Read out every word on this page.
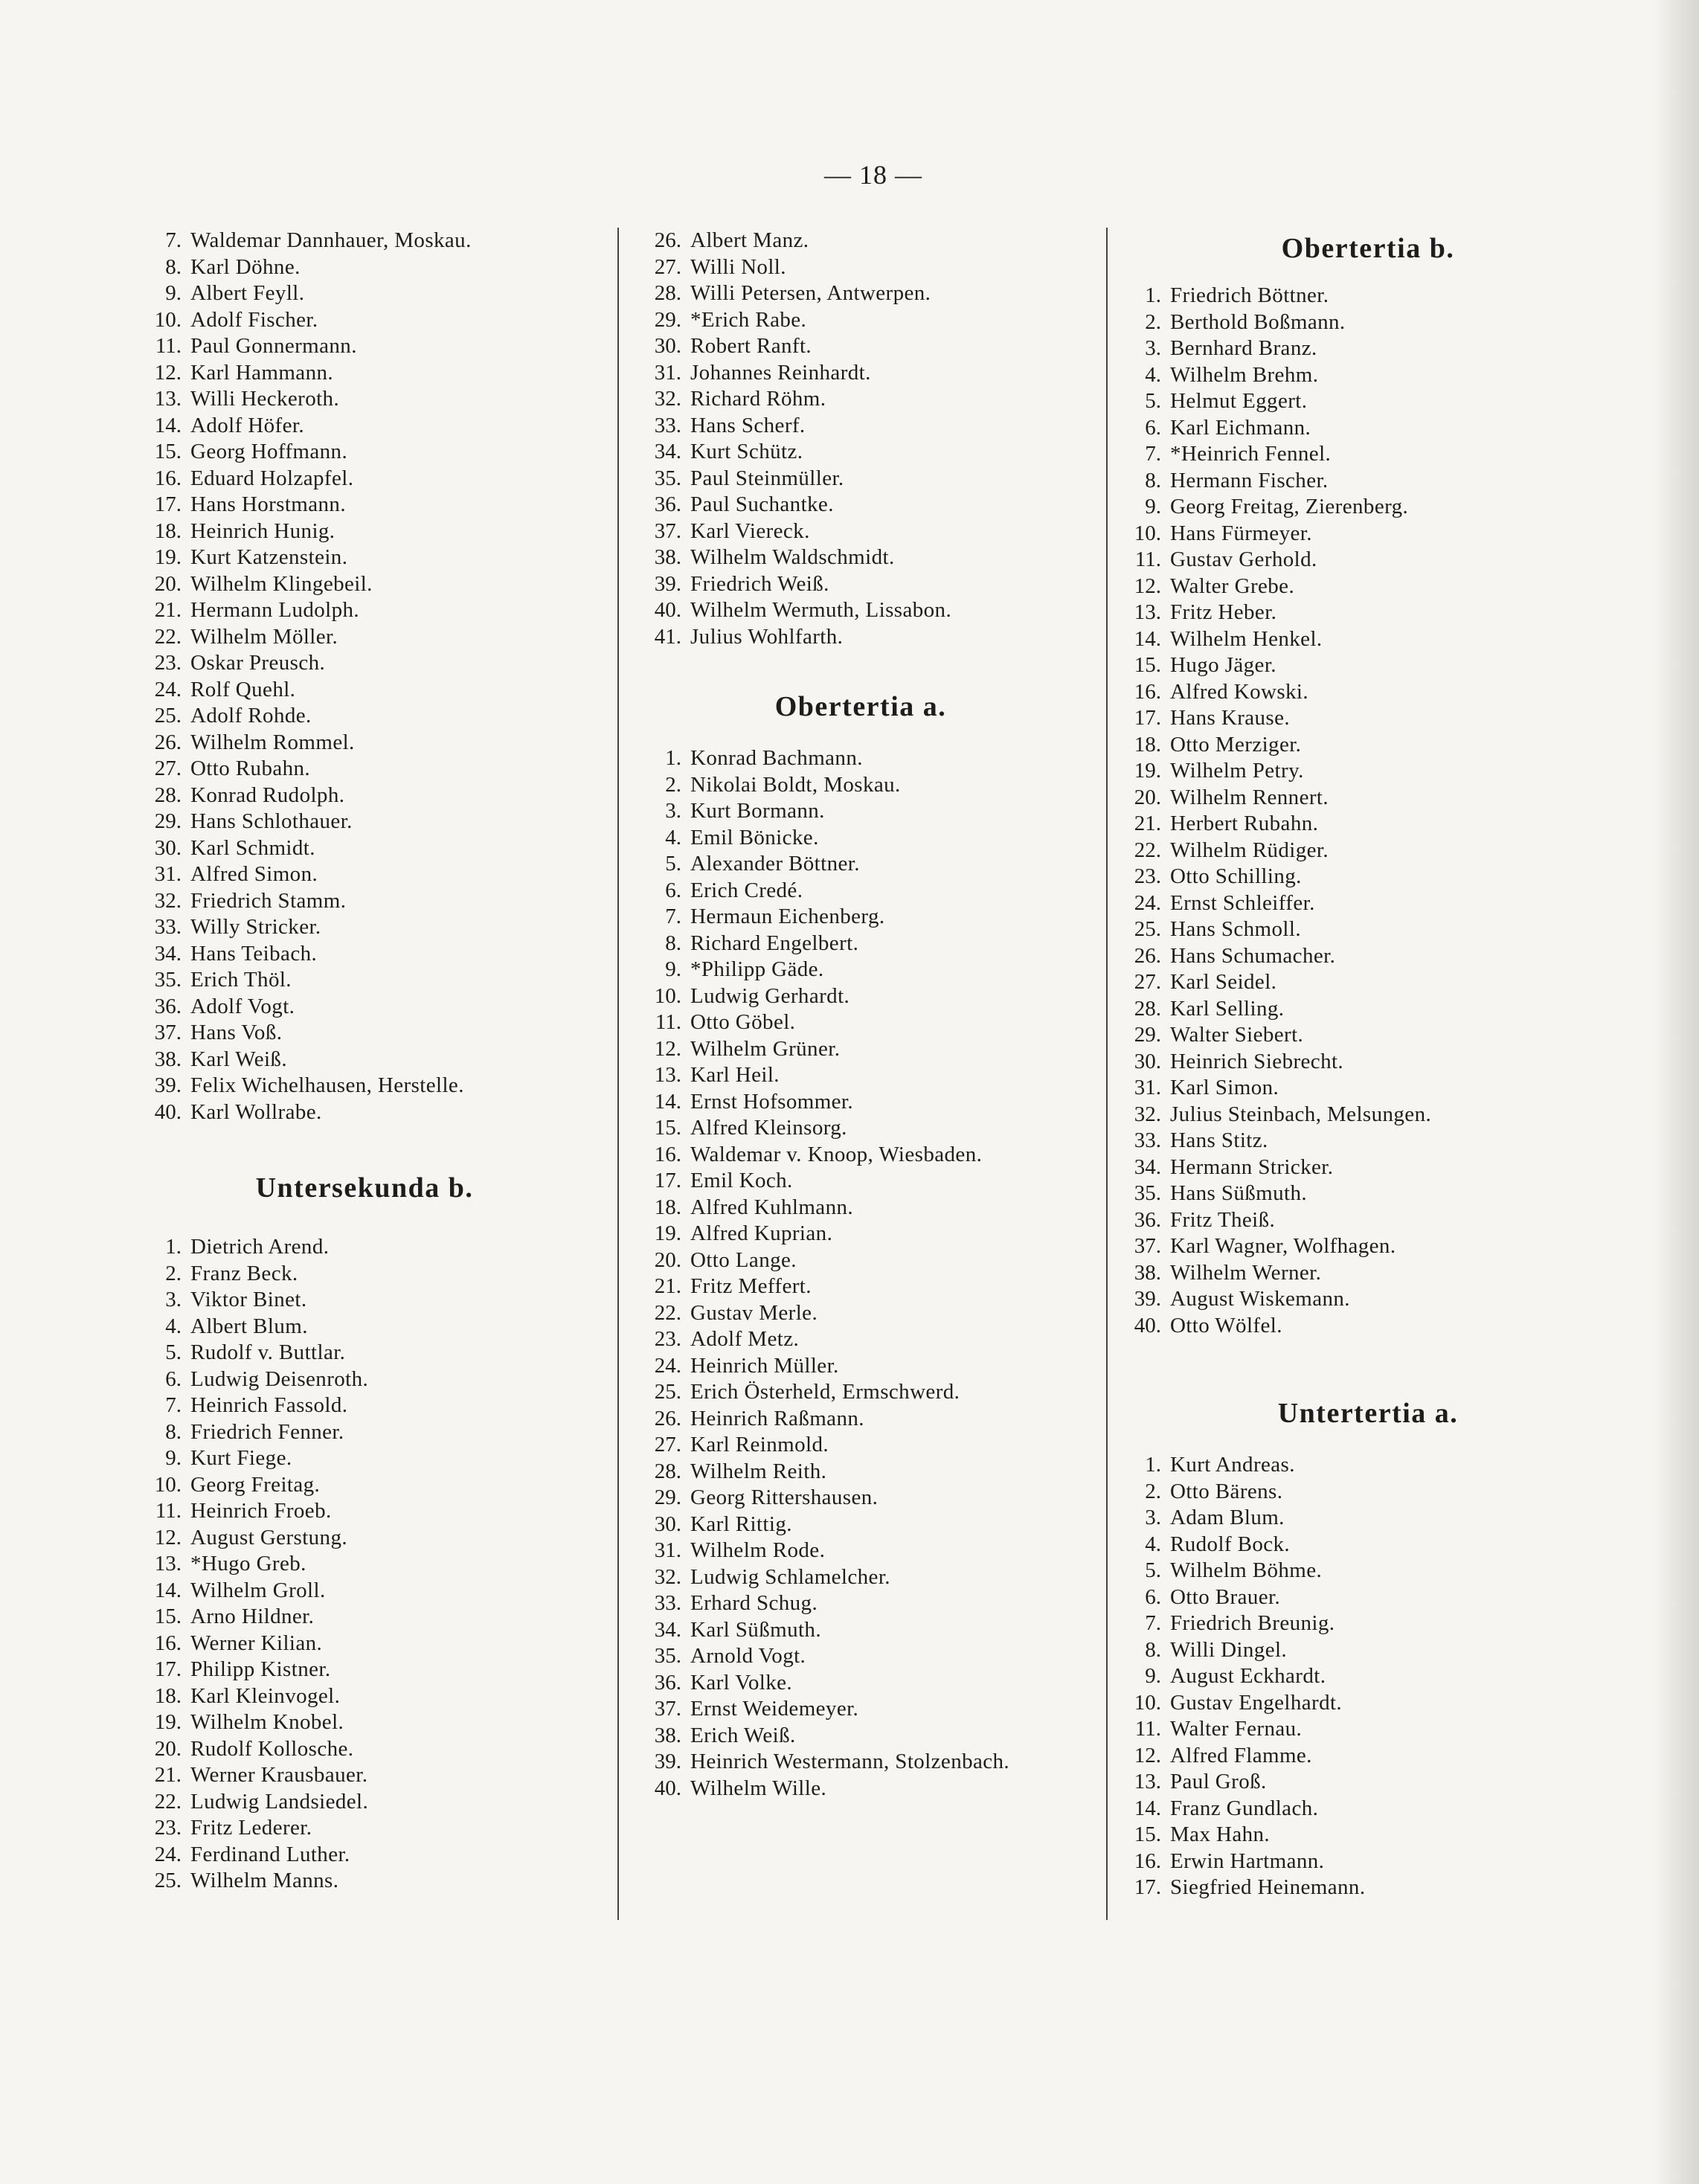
— 18 —
7. Waldemar Dannhauer, Moskau.
8. Karl Döhne.
9. Albert Feyll.
10. Adolf Fischer.
11. Paul Gonnermann.
12. Karl Hammann.
13. Willi Heckeroth.
14. Adolf Höfer.
15. Georg Hoffmann.
16. Eduard Holzapfel.
17. Hans Horstmann.
18. Heinrich Hunig.
19. Kurt Katzenstein.
20. Wilhelm Klingebeil.
21. Hermann Ludolph.
22. Wilhelm Möller.
23. Oskar Preusch.
24. Rolf Quehl.
25. Adolf Rohde.
26. Wilhelm Rommel.
27. Otto Rubahn.
28. Konrad Rudolph.
29. Hans Schlothauer.
30. Karl Schmidt.
31. Alfred Simon.
32. Friedrich Stamm.
33. Willy Stricker.
34. Hans Teibach.
35. Erich Thöl.
36. Adolf Vogt.
37. Hans Voß.
38. Karl Weiß.
39. Felix Wichelhausen, Herstelle.
40. Karl Wollrabe.
Untersekunda b.
1. Dietrich Arend.
2. Franz Beck.
3. Viktor Binet.
4. Albert Blum.
5. Rudolf v. Buttlar.
6. Ludwig Deisenroth.
7. Heinrich Fassold.
8. Friedrich Fenner.
9. Kurt Fiege.
10. Georg Freitag.
11. Heinrich Froeb.
12. August Gerstung.
13. *Hugo Greb.
14. Wilhelm Groll.
15. Arno Hildner.
16. Werner Kilian.
17. Philipp Kistner.
18. Karl Kleinvogel.
19. Wilhelm Knobel.
20. Rudolf Kollosche.
21. Werner Krausbauer.
22. Ludwig Landsiedel.
23. Fritz Lederer.
24. Ferdinand Luther.
25. Wilhelm Manns.
26. Albert Manz.
27. Willi Noll.
28. Willi Petersen, Antwerpen.
29. *Erich Rabe.
30. Robert Ranft.
31. Johannes Reinhardt.
32. Richard Röhm.
33. Hans Scherf.
34. Kurt Schütz.
35. Paul Steinmüller.
36. Paul Suchantke.
37. Karl Viereck.
38. Wilhelm Waldschmidt.
39. Friedrich Weiß.
40. Wilhelm Wermuth, Lissabon.
41. Julius Wohlfarth.
Obertertia a.
1. Konrad Bachmann.
2. Nikolai Boldt, Moskau.
3. Kurt Bormann.
4. Emil Bönicke.
5. Alexander Böttner.
6. Erich Credé.
7. Hermaun Eichenberg.
8. Richard Engelbert.
9. *Philipp Gäde.
10. Ludwig Gerhardt.
11. Otto Göbel.
12. Wilhelm Grüner.
13. Karl Heil.
14. Ernst Hofsommer.
15. Alfred Kleinsorg.
16. Waldemar v. Knoop, Wiesbaden.
17. Emil Koch.
18. Alfred Kuhlmann.
19. Alfred Kuprian.
20. Otto Lange.
21. Fritz Meffert.
22. Gustav Merle.
23. Adolf Metz.
24. Heinrich Müller.
25. Erich Österheld, Ermschwerd.
26. Heinrich Raßmann.
27. Karl Reinmold.
28. Wilhelm Reith.
29. Georg Rittershausen.
30. Karl Rittig.
31. Wilhelm Rode.
32. Ludwig Schlamelcher.
33. Erhard Schug.
34. Karl Süßmuth.
35. Arnold Vogt.
36. Karl Volke.
37. Ernst Weidemeyer.
38. Erich Weiß.
39. Heinrich Westermann, Stolzenbach.
40. Wilhelm Wille.
Obertertia b.
1. Friedrich Böttner.
2. Berthold Boßmann.
3. Bernhard Branz.
4. Wilhelm Brehm.
5. Helmut Eggert.
6. Karl Eichmann.
7. *Heinrich Fennel.
8. Hermann Fischer.
9. Georg Freitag, Zierenberg.
10. Hans Fürmeyer.
11. Gustav Gerhold.
12. Walter Grebe.
13. Fritz Heber.
14. Wilhelm Henkel.
15. Hugo Jäger.
16. Alfred Kowski.
17. Hans Krause.
18. Otto Merziger.
19. Wilhelm Petry.
20. Wilhelm Rennert.
21. Herbert Rubahn.
22. Wilhelm Rüdiger.
23. Otto Schilling.
24. Ernst Schleiffer.
25. Hans Schmoll.
26. Hans Schumacher.
27. Karl Seidel.
28. Karl Selling.
29. Walter Siebert.
30. Heinrich Siebrecht.
31. Karl Simon.
32. Julius Steinbach, Melsungen.
33. Hans Stitz.
34. Hermann Stricker.
35. Hans Süßmuth.
36. Fritz Theiß.
37. Karl Wagner, Wolfhagen.
38. Wilhelm Werner.
39. August Wiskemann.
40. Otto Wölfel.
Untertertia a.
1. Kurt Andreas.
2. Otto Bärens.
3. Adam Blum.
4. Rudolf Bock.
5. Wilhelm Böhme.
6. Otto Brauer.
7. Friedrich Breunig.
8. Willi Dingel.
9. August Eckhardt.
10. Gustav Engelhardt.
11. Walter Fernau.
12. Alfred Flamme.
13. Paul Groß.
14. Franz Gundlach.
15. Max Hahn.
16. Erwin Hartmann.
17. Siegfried Heinemann.
